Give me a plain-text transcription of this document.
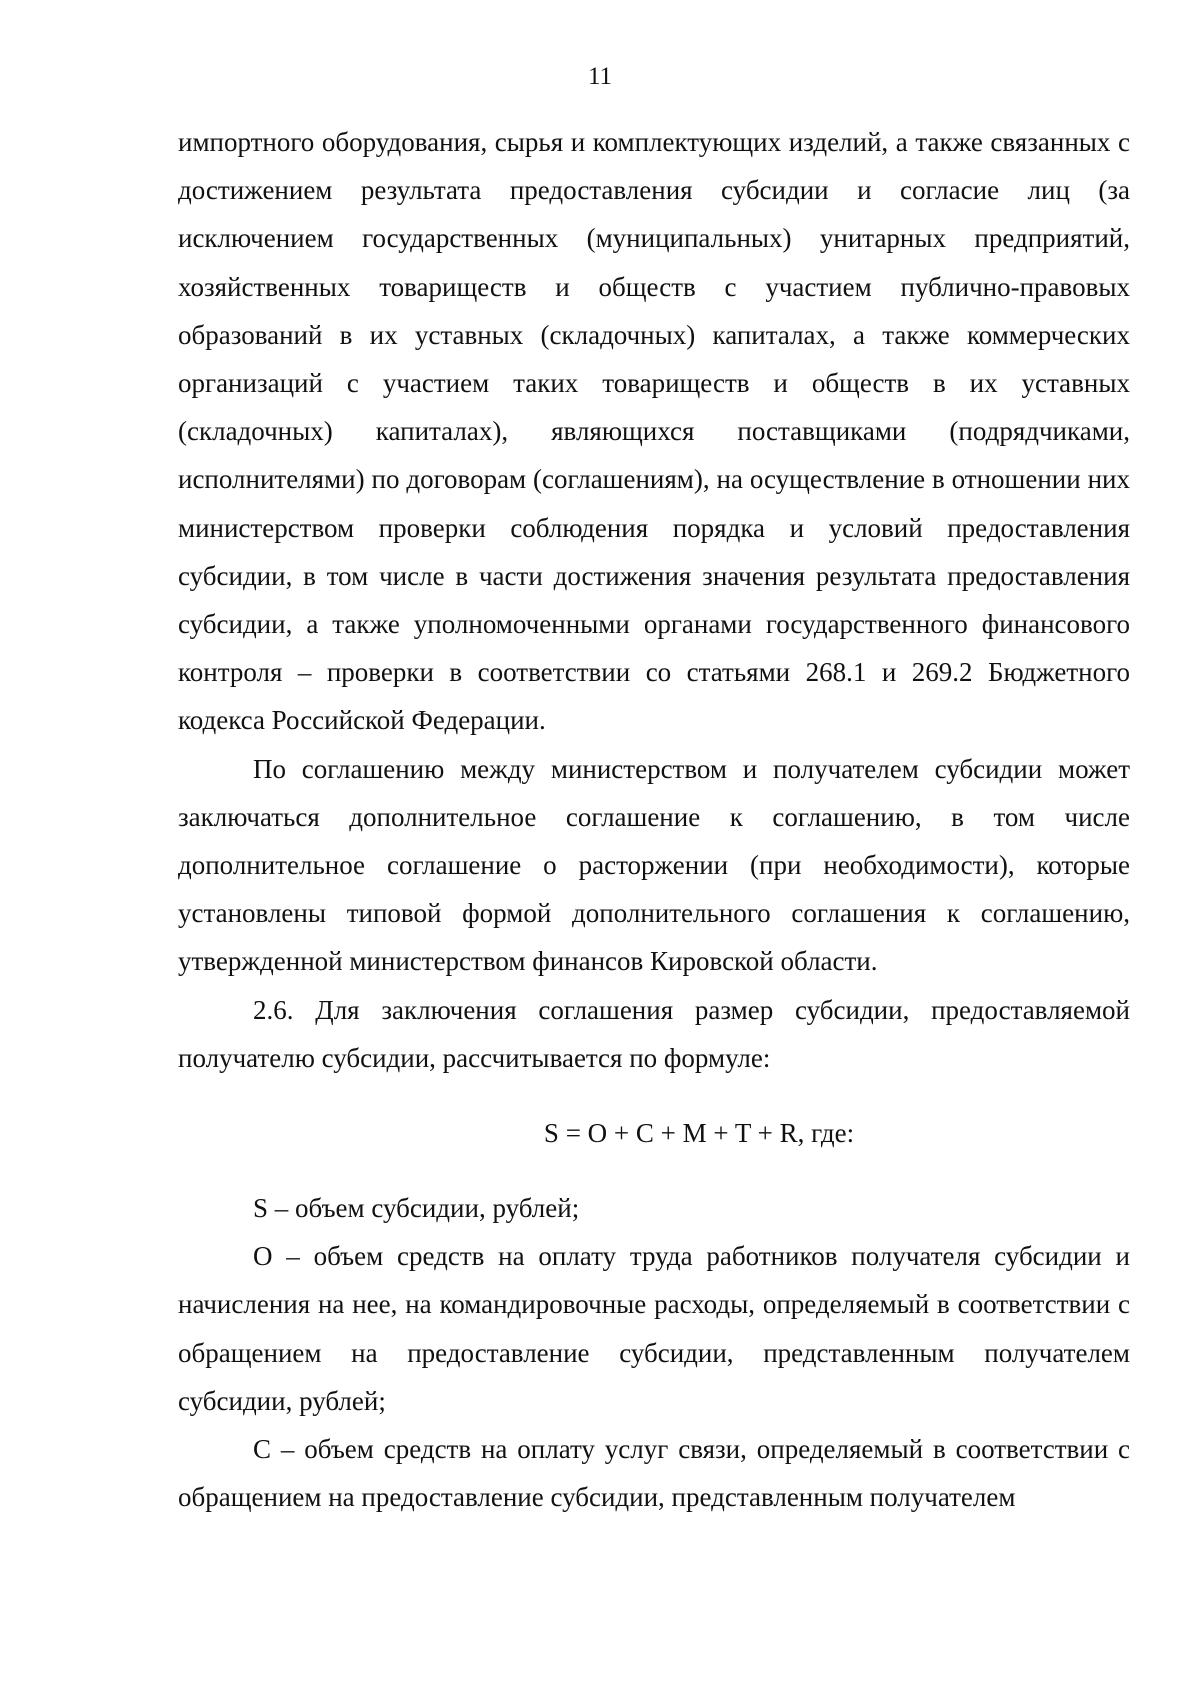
11

импортного оборудования, сырья и комплектующих изделий, а также связанных с достижением результата предоставления субсидии и согласие лиц (за исключением государственных (муниципальных) унитарных предприятий, хозяйственных товариществ и обществ с участием публично-правовых образований в их уставных (складочных) капиталах, а также коммерческих организаций с участием таких товариществ и обществ в их уставных (складочных) капиталах), являющихся поставщиками (подрядчиками, исполнителями) по договорам (соглашениям), на осуществление в отношении них министерством проверки соблюдения порядка и условий предоставления субсидии, в том числе в части достижения значения результата предоставления субсидии, а также уполномоченными органами государственного финансового контроля – проверки в соответствии со статьями 268.1 и 269.2 Бюджетного кодекса Российской Федерации.

По соглашению между министерством и получателем субсидии может заключаться дополнительное соглашение к соглашению, в том числе дополнительное соглашение о расторжении (при необходимости), которые установлены типовой формой дополнительного соглашения к соглашению, утвержденной министерством финансов Кировской области.

2.6. Для заключения соглашения размер субсидии, предоставляемой получателю субсидии, рассчитывается по формуле:

S = O + C + M + T + R, где:

S – объем субсидии, рублей;

O – объем средств на оплату труда работников получателя субсидии и начисления на нее, на командировочные расходы, определяемый в соответствии с обращением на предоставление субсидии, представленным получателем субсидии, рублей;

C – объем средств на оплату услуг связи, определяемый в соответствии с обращением на предоставление субсидии, представленным получателем
